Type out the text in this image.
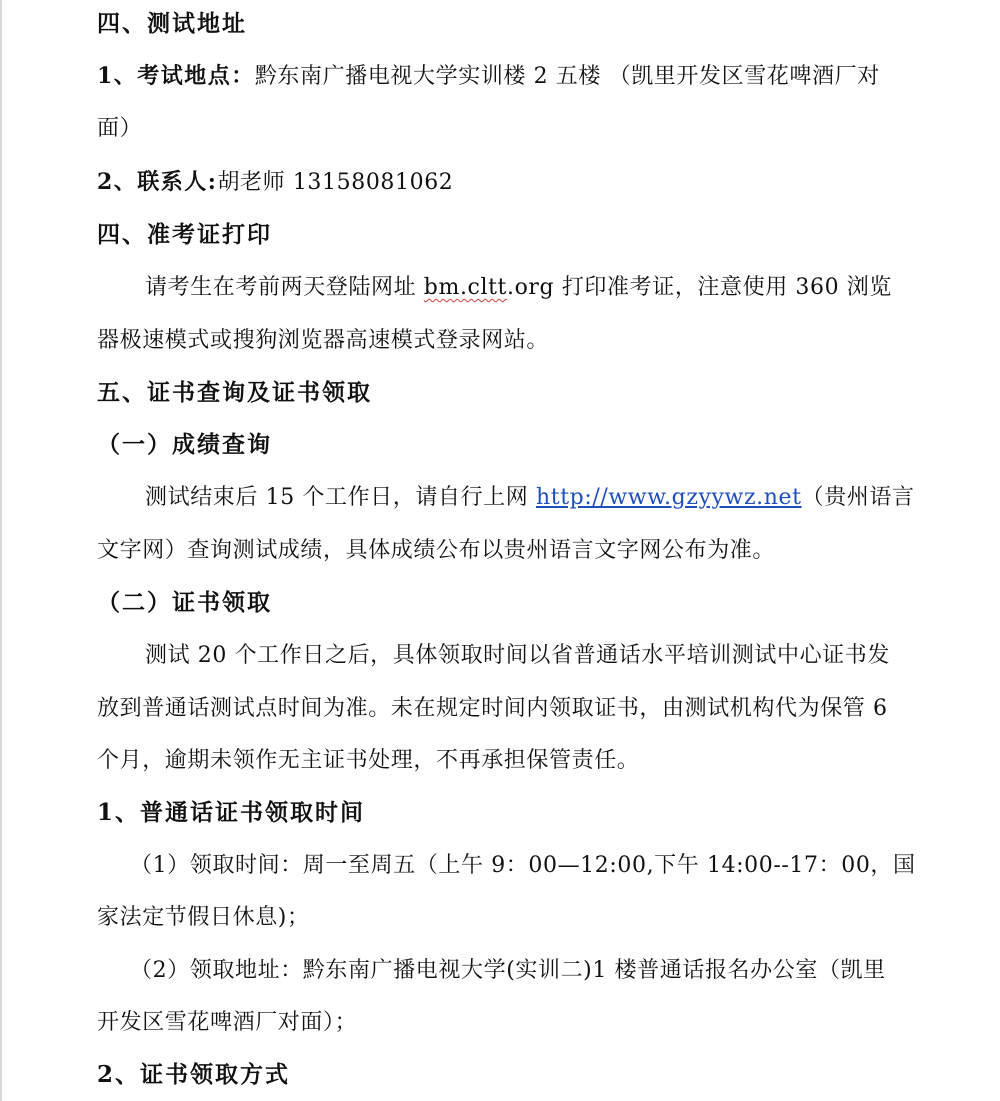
四、测试地址
1、考试地点：黔东南广播电视大学实训楼 2 五楼 （凯里开发区雪花啤酒厂对
面）
2、联系人:胡老师 13158081062
四、准考证打印
请考生在考前两天登陆网址 bm.cltt.org 打印准考证，注意使用 360 浏览
器极速模式或搜狗浏览器高速模式登录网站。
五、证书查询及证书领取
（一）成绩查询
测试结束后 15 个工作日，请自行上网 http://www.gzyywz.net（贵州语言
文字网）查询测试成绩，具体成绩公布以贵州语言文字网公布为准。
（二）证书领取
测试 20 个工作日之后，具体领取时间以省普通话水平培训测试中心证书发
放到普通话测试点时间为准。未在规定时间内领取证书，由测试机构代为保管 6
个月，逾期未领作无主证书处理，不再承担保管责任。
1、普通话证书领取时间
（1）领取时间：周一至周五（上午 9：00—12:00,下午 14:00--17：00，国
家法定节假日休息)；
（2）领取地址：黔东南广播电视大学(实训二)1 楼普通话报名办公室（凯里
开发区雪花啤酒厂对面）；
2、证书领取方式
